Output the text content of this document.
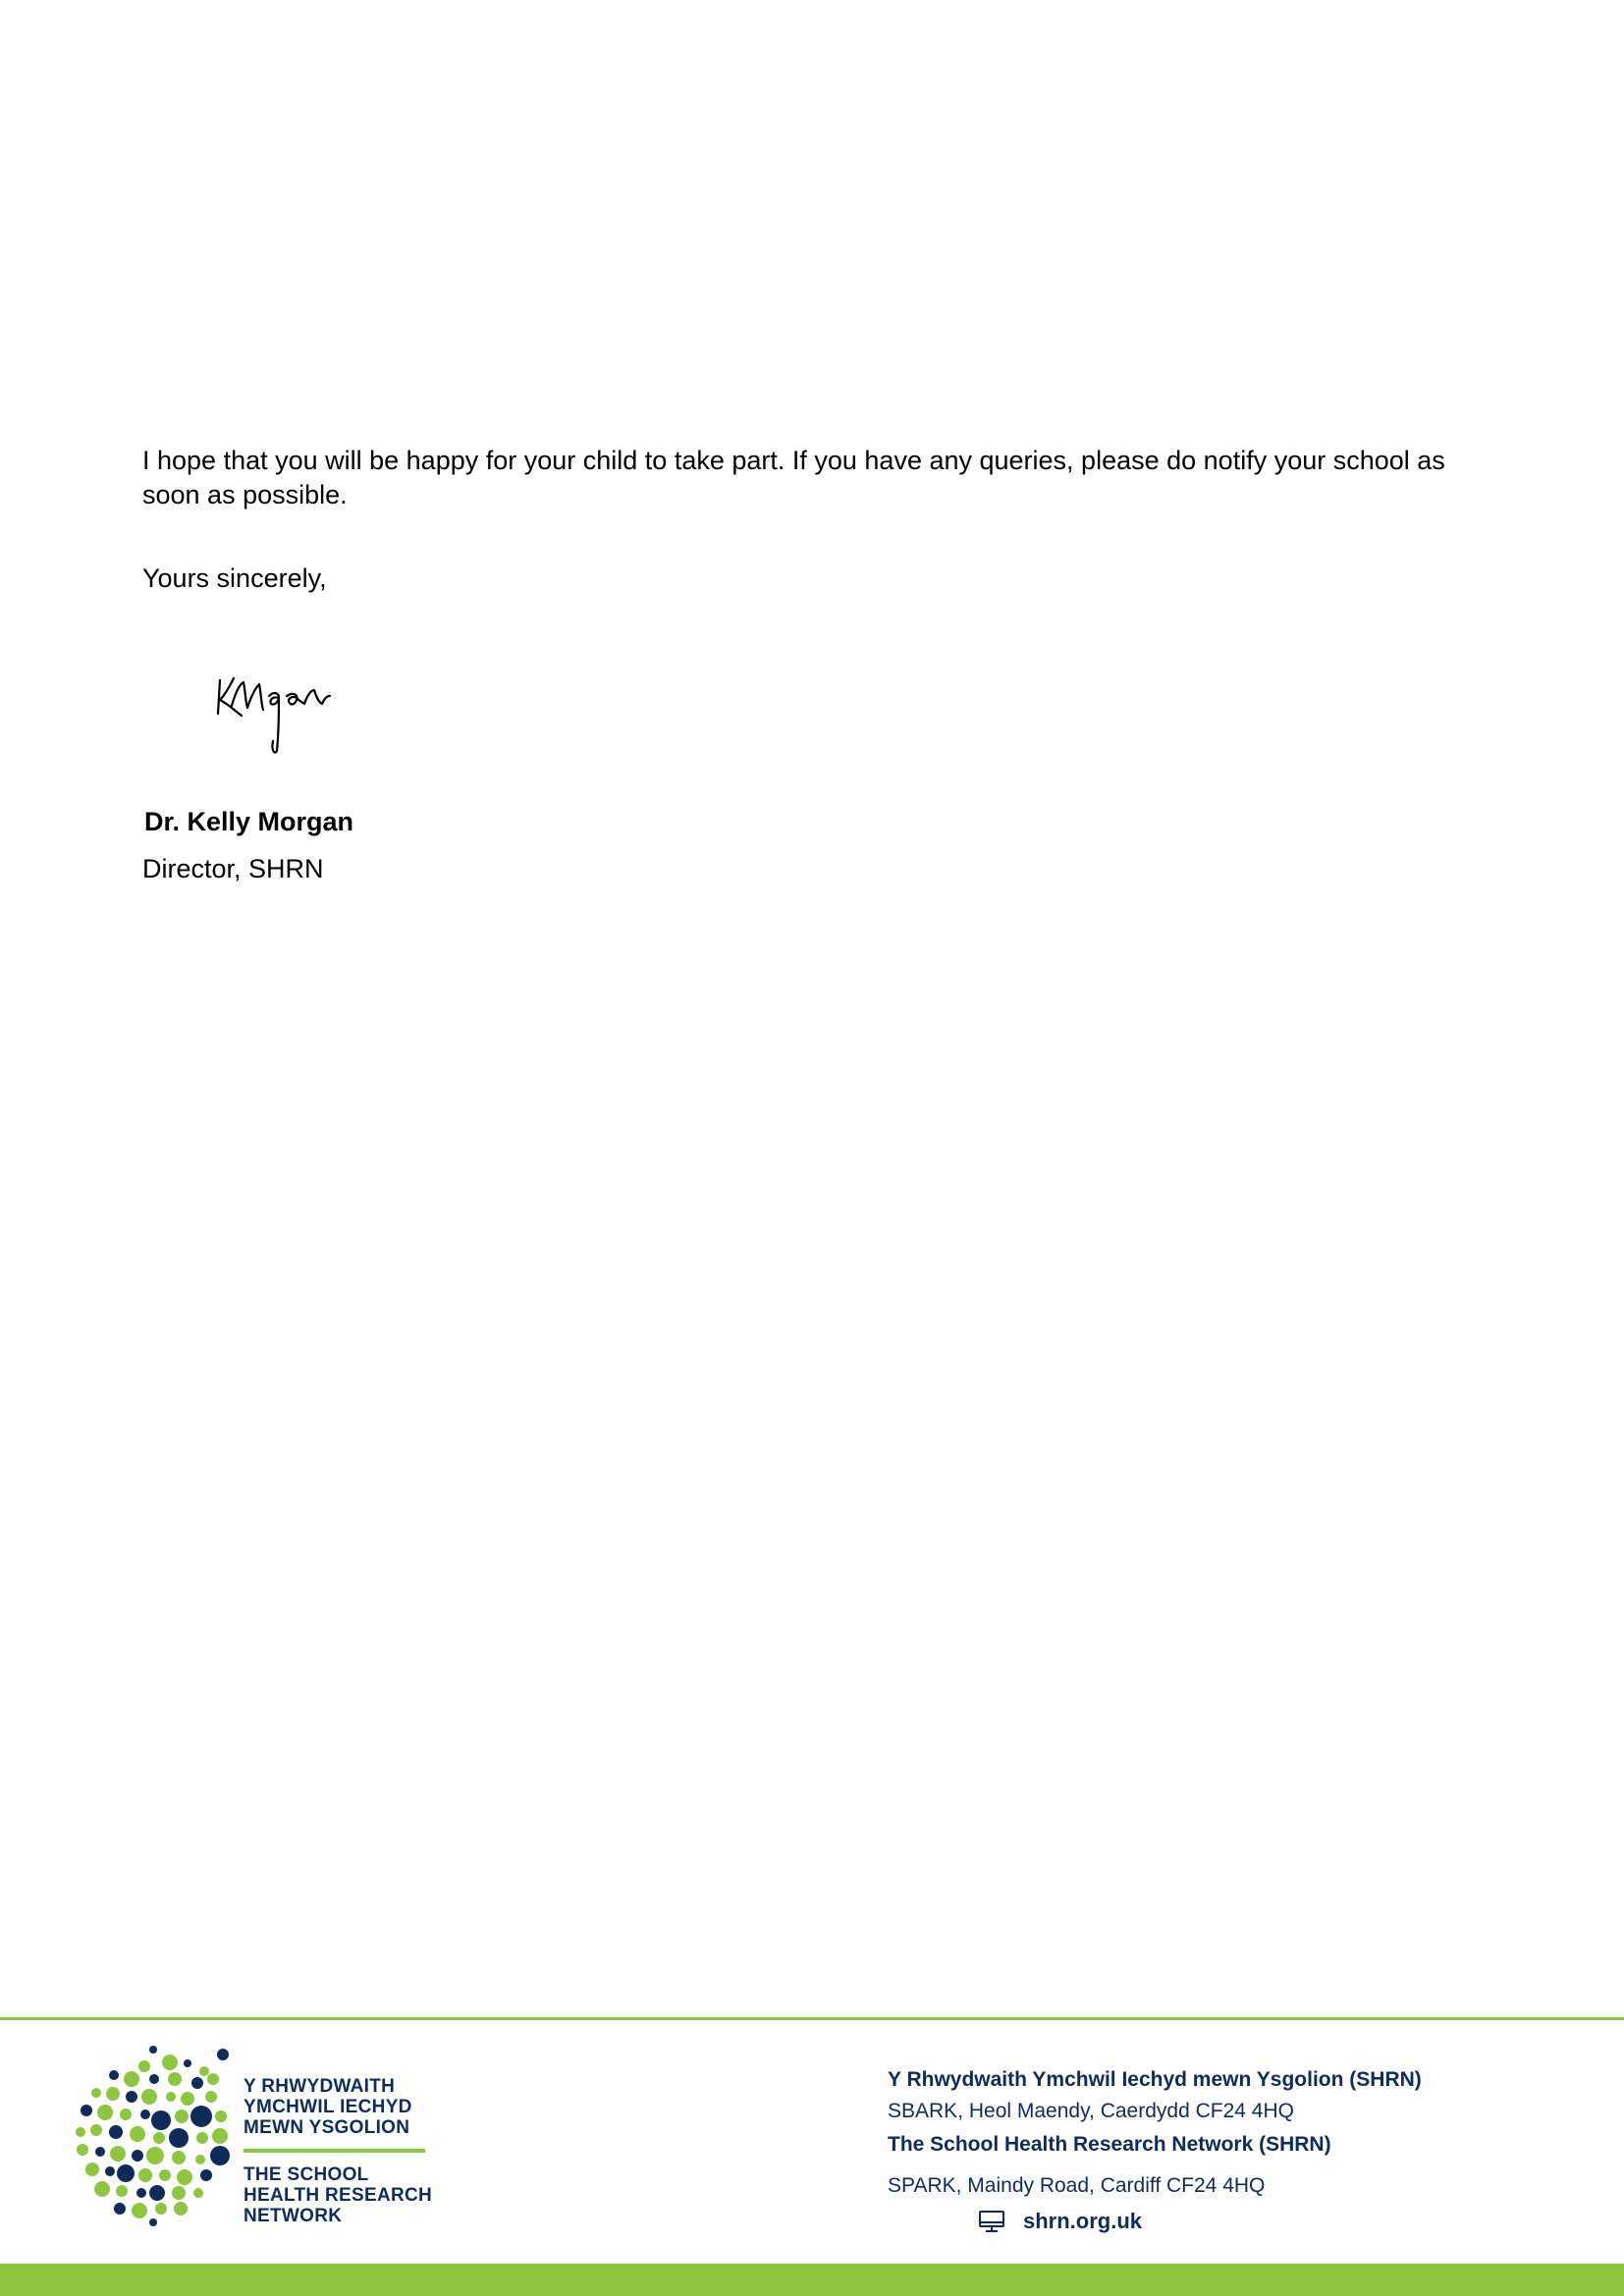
I hope that you will be happy for your child to take part. If you have any queries, please do notify your school as soon as possible.

Yours sincerely,
Dr. Kelly Morgan
Director, SHRN
Y RHWYDWAITH
YMCHWIL IECHYD
MEWN YSGOLION
THE SCHOOL
HEALTH RESEARCH
NETWORK
Y Rhwydwaith Ymchwil Iechyd mewn Ysgolion (SHRN)
SBARK, Heol Maendy, Caerdydd CF24 4HQ
The School Health Research Network (SHRN)
SPARK, Maindy Road, Cardiff CF24 4HQ
shrn.org.uk
